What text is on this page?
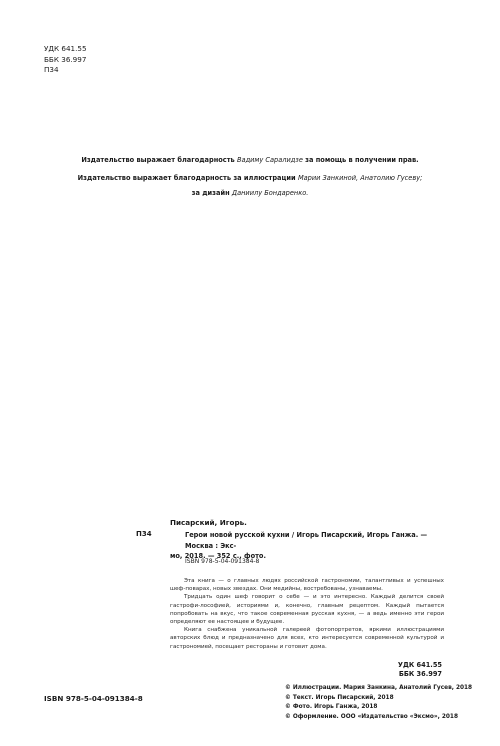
УДК 641.55
ББК 36.997
П34
Издательство выражает благодарность Вадиму Саралидзе за помощь в получении прав.
Издательство выражает благодарность за иллюстрации Марии Занкиной, Анатолию Гусеву;
за дизайн Даниилу Бондаренко.
П34
Писарский, Игорь.
Герои новой русской кухни / Игорь Писарский, Игорь Ганжа. — Москва : Экс-
мо, 2018. — 352 с., фото.
ISBN 978-5-04-091384-8

Эта книга — о главных людях российской гастрономии, талантливых и успешных шеф-поварах, новых звездах. Они медийны, востребованы, узнаваемы.

Тридцать один шеф говорит о себе — и это интересно. Каждый делится своей гастрофи-лософией, историями и, конечно, главным рецептом. Каждый пытается попробовать на вкус, что такое современная русская кухня, — а ведь именно эти герои определяют ее настоящее и будущее.

Книга снабжена уникальной галереей фотопортретов, яркими иллюстрациями авторских блюд и предназначено для всех, кто интересуется современной культурой и гастрономией, посещает рестораны и готовит дома.

УДК 641.55
ББК 36.997
ISBN 978-5-04-091384-8
© Иллюстрации. Мария Занкина, Анатолий Гусев, 2018
© Текст. Игорь Писарский, 2018
© Фото. Игорь Ганжа, 2018
© Оформление. ООО «Издательство «Эксмо», 2018
